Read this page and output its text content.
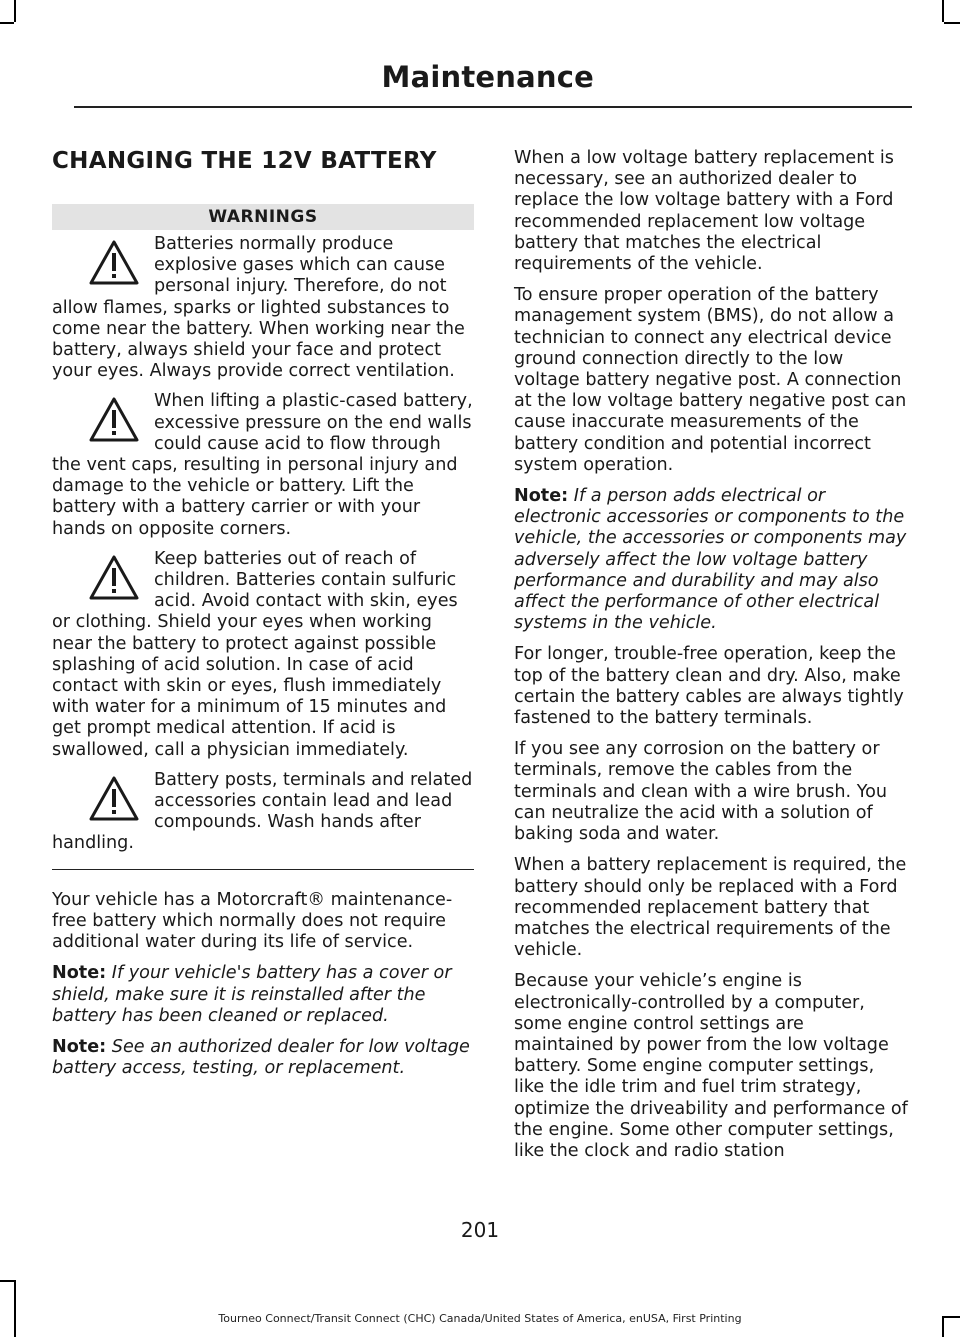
Maintenance
CHANGING THE 12V BATTERY
WARNINGS
Batteries normally produce explosive gases which can cause personal injury. Therefore, do not allow flames, sparks or lighted substances to come near the battery. When working near the battery, always shield your face and protect your eyes. Always provide correct ventilation.
When lifting a plastic-cased battery, excessive pressure on the end walls could cause acid to flow through the vent caps, resulting in personal injury and damage to the vehicle or battery. Lift the battery with a battery carrier or with your hands on opposite corners.
Keep batteries out of reach of children. Batteries contain sulfuric acid. Avoid contact with skin, eyes or clothing. Shield your eyes when working near the battery to protect against possible splashing of acid solution. In case of acid contact with skin or eyes, flush immediately with water for a minimum of 15 minutes and get prompt medical attention. If acid is swallowed, call a physician immediately.
Battery posts, terminals and related accessories contain lead and lead compounds. Wash hands after handling.

Your vehicle has a Motorcraft® maintenance-free battery which normally does not require additional water during its life of service.

Note: If your vehicle's battery has a cover or shield, make sure it is reinstalled after the battery has been cleaned or replaced.

Note: See an authorized dealer for low voltage battery access, testing, or replacement.

When a low voltage battery replacement is necessary, see an authorized dealer to replace the low voltage battery with a Ford recommended replacement low voltage battery that matches the electrical requirements of the vehicle.

To ensure proper operation of the battery management system (BMS), do not allow a technician to connect any electrical device ground connection directly to the low voltage battery negative post. A connection at the low voltage battery negative post can cause inaccurate measurements of the battery condition and potential incorrect system operation.

Note: If a person adds electrical or electronic accessories or components to the vehicle, the accessories or components may adversely affect the low voltage battery performance and durability and may also affect the performance of other electrical systems in the vehicle.

For longer, trouble-free operation, keep the top of the battery clean and dry. Also, make certain the battery cables are always tightly fastened to the battery terminals.

If you see any corrosion on the battery or terminals, remove the cables from the terminals and clean with a wire brush. You can neutralize the acid with a solution of baking soda and water.

When a battery replacement is required, the battery should only be replaced with a Ford recommended replacement battery that matches the electrical requirements of the vehicle.

Because your vehicle’s engine is electronically-controlled by a computer, some engine control settings are maintained by power from the low voltage battery. Some engine computer settings, like the idle trim and fuel trim strategy, optimize the driveability and performance of the engine. Some other computer settings, like the clock and radio station

201
Tourneo Connect/Transit Connect (CHC) Canada/United States of America, enUSA, First Printing
